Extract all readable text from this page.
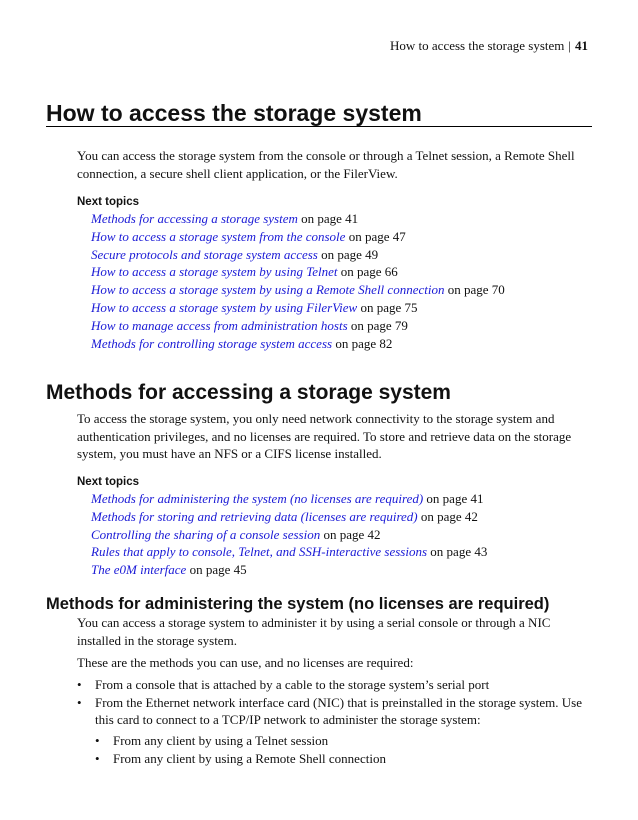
How to access the storage system | 41
How to access the storage system

You can access the storage system from the console or through a Telnet session, a Remote Shell connection, a secure shell client application, or the FilerView.

Next topics

Methods for accessing a storage system on page 41
How to access a storage system from the console on page 47
Secure protocols and storage system access on page 49
How to access a storage system by using Telnet on page 66
How to access a storage system by using a Remote Shell connection on page 70
How to access a storage system by using FilerView on page 75
How to manage access from administration hosts on page 79
Methods for controlling storage system access on page 82
Methods for accessing a storage system

To access the storage system, you only need network connectivity to the storage system and authentication privileges, and no licenses are required. To store and retrieve data on the storage system, you must have an NFS or a CIFS license installed.

Next topics

Methods for administering the system (no licenses are required) on page 41
Methods for storing and retrieving data (licenses are required) on page 42
Controlling the sharing of a console session on page 42
Rules that apply to console, Telnet, and SSH-interactive sessions on page 43
The e0M interface on page 45
Methods for administering the system (no licenses are required)

You can access a storage system to administer it by using a serial console or through a NIC installed in the storage system.

These are the methods you can use, and no licenses are required:

• From a console that is attached by a cable to the storage system’s serial port
• From the Ethernet network interface card (NIC) that is preinstalled in the storage system. Use this card to connect to a TCP/IP network to administer the storage system:
• From any client by using a Telnet session
• From any client by using a Remote Shell connection
